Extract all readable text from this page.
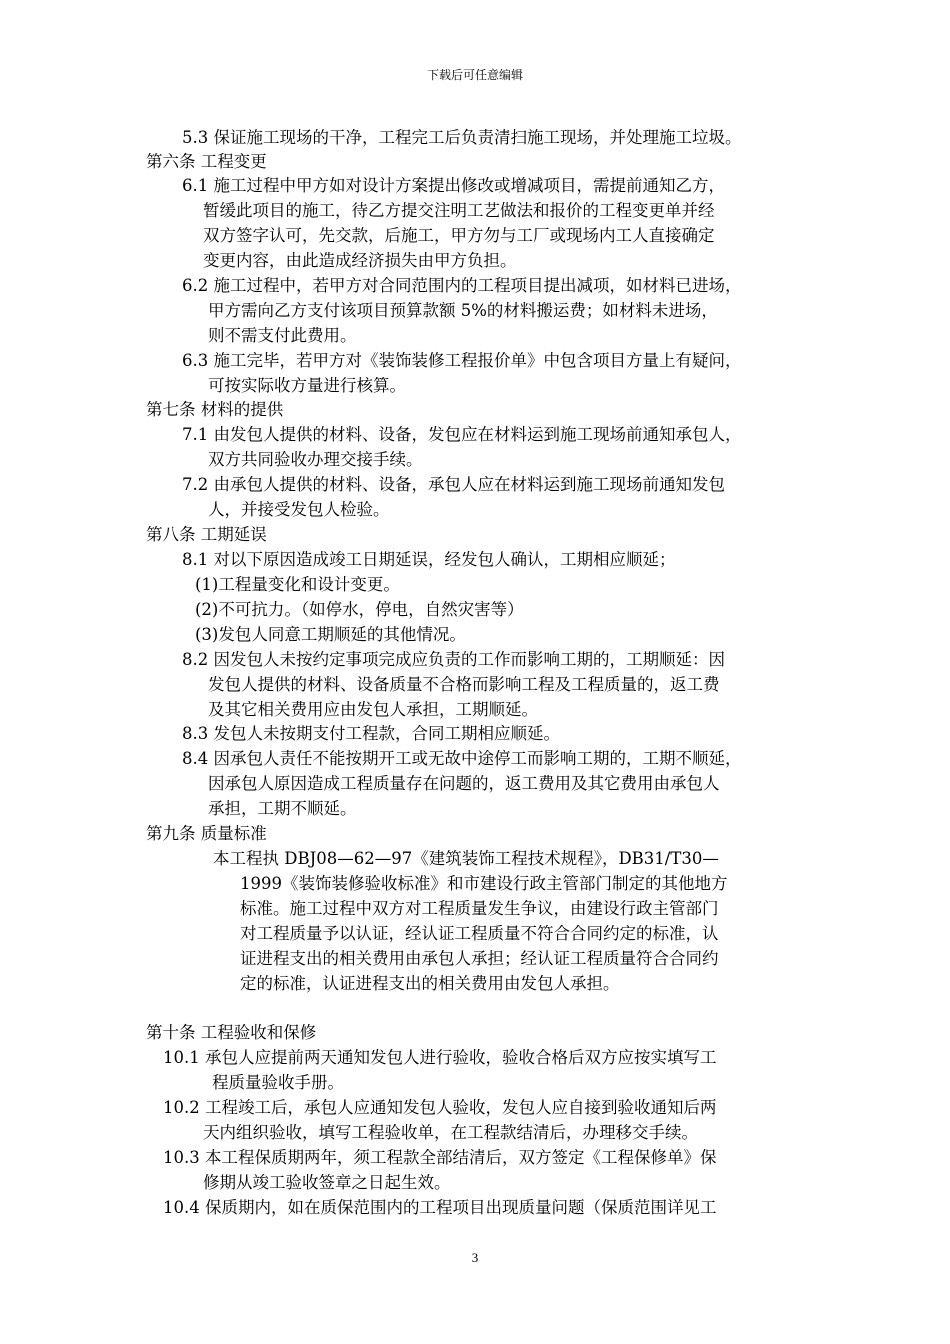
下载后可任意编辑
5.3 保证施工现场的干净，工程完工后负责清扫施工现场，并处理施工垃圾。
第六条 工程变更
6.1 施工过程中甲方如对设计方案提出修改或增减项目，需提前通知乙方，
暂缓此项目的施工，待乙方提交注明工艺做法和报价的工程变更单并经
双方签字认可，先交款，后施工，甲方勿与工厂或现场内工人直接确定
变更内容，由此造成经济损失由甲方负担。
6.2 施工过程中，若甲方对合同范围内的工程项目提出减项，如材料已进场，
甲方需向乙方支付该项目预算款额 5%的材料搬运费；如材料未进场，
则不需支付此费用。
6.3 施工完毕，若甲方对《装饰装修工程报价单》中包含项目方量上有疑问，
可按实际收方量进行核算。
第七条 材料的提供
7.1 由发包人提供的材料、设备，发包应在材料运到施工现场前通知承包人，
双方共同验收办理交接手续。
7.2 由承包人提供的材料、设备，承包人应在材料运到施工现场前通知发包
人，并接受发包人检验。
第八条 工期延误
8.1 对以下原因造成竣工日期延误，经发包人确认，工期相应顺延；
(1)工程量变化和设计变更。
(2)不可抗力。（如停水，停电，自然灾害等）
(3)发包人同意工期顺延的其他情况。
8.2 因发包人未按约定事项完成应负责的工作而影响工期的，工期顺延：因
发包人提供的材料、设备质量不合格而影响工程及工程质量的，返工费
及其它相关费用应由发包人承担，工期顺延。
8.3 发包人未按期支付工程款，合同工期相应顺延。
8.4 因承包人责任不能按期开工或无故中途停工而影响工期的，工期不顺延，
因承包人原因造成工程质量存在问题的，返工费用及其它费用由承包人
承担，工期不顺延。
第九条 质量标准
本工程执 DBJ08—62—97《建筑装饰工程技术规程》，DB31/T30—
1999《装饰装修验收标准》和市建设行政主管部门制定的其他地方
标准。施工过程中双方对工程质量发生争议，由建设行政主管部门
对工程质量予以认证，经认证工程质量不符合合同约定的标准，认
证进程支出的相关费用由承包人承担；经认证工程质量符合合同约
定的标准，认证进程支出的相关费用由发包人承担。
第十条 工程验收和保修
10.1 承包人应提前两天通知发包人进行验收，验收合格后双方应按实填写工
程质量验收手册。
10.2 工程竣工后，承包人应通知发包人验收，发包人应自接到验收通知后两
天内组织验收，填写工程验收单，在工程款结清后，办理移交手续。
10.3 本工程保质期两年，须工程款全部结清后，双方签定《工程保修单》保
修期从竣工验收签章之日起生效。
10.4 保质期内，如在质保范围内的工程项目出现质量问题（保质范围详见工
3
